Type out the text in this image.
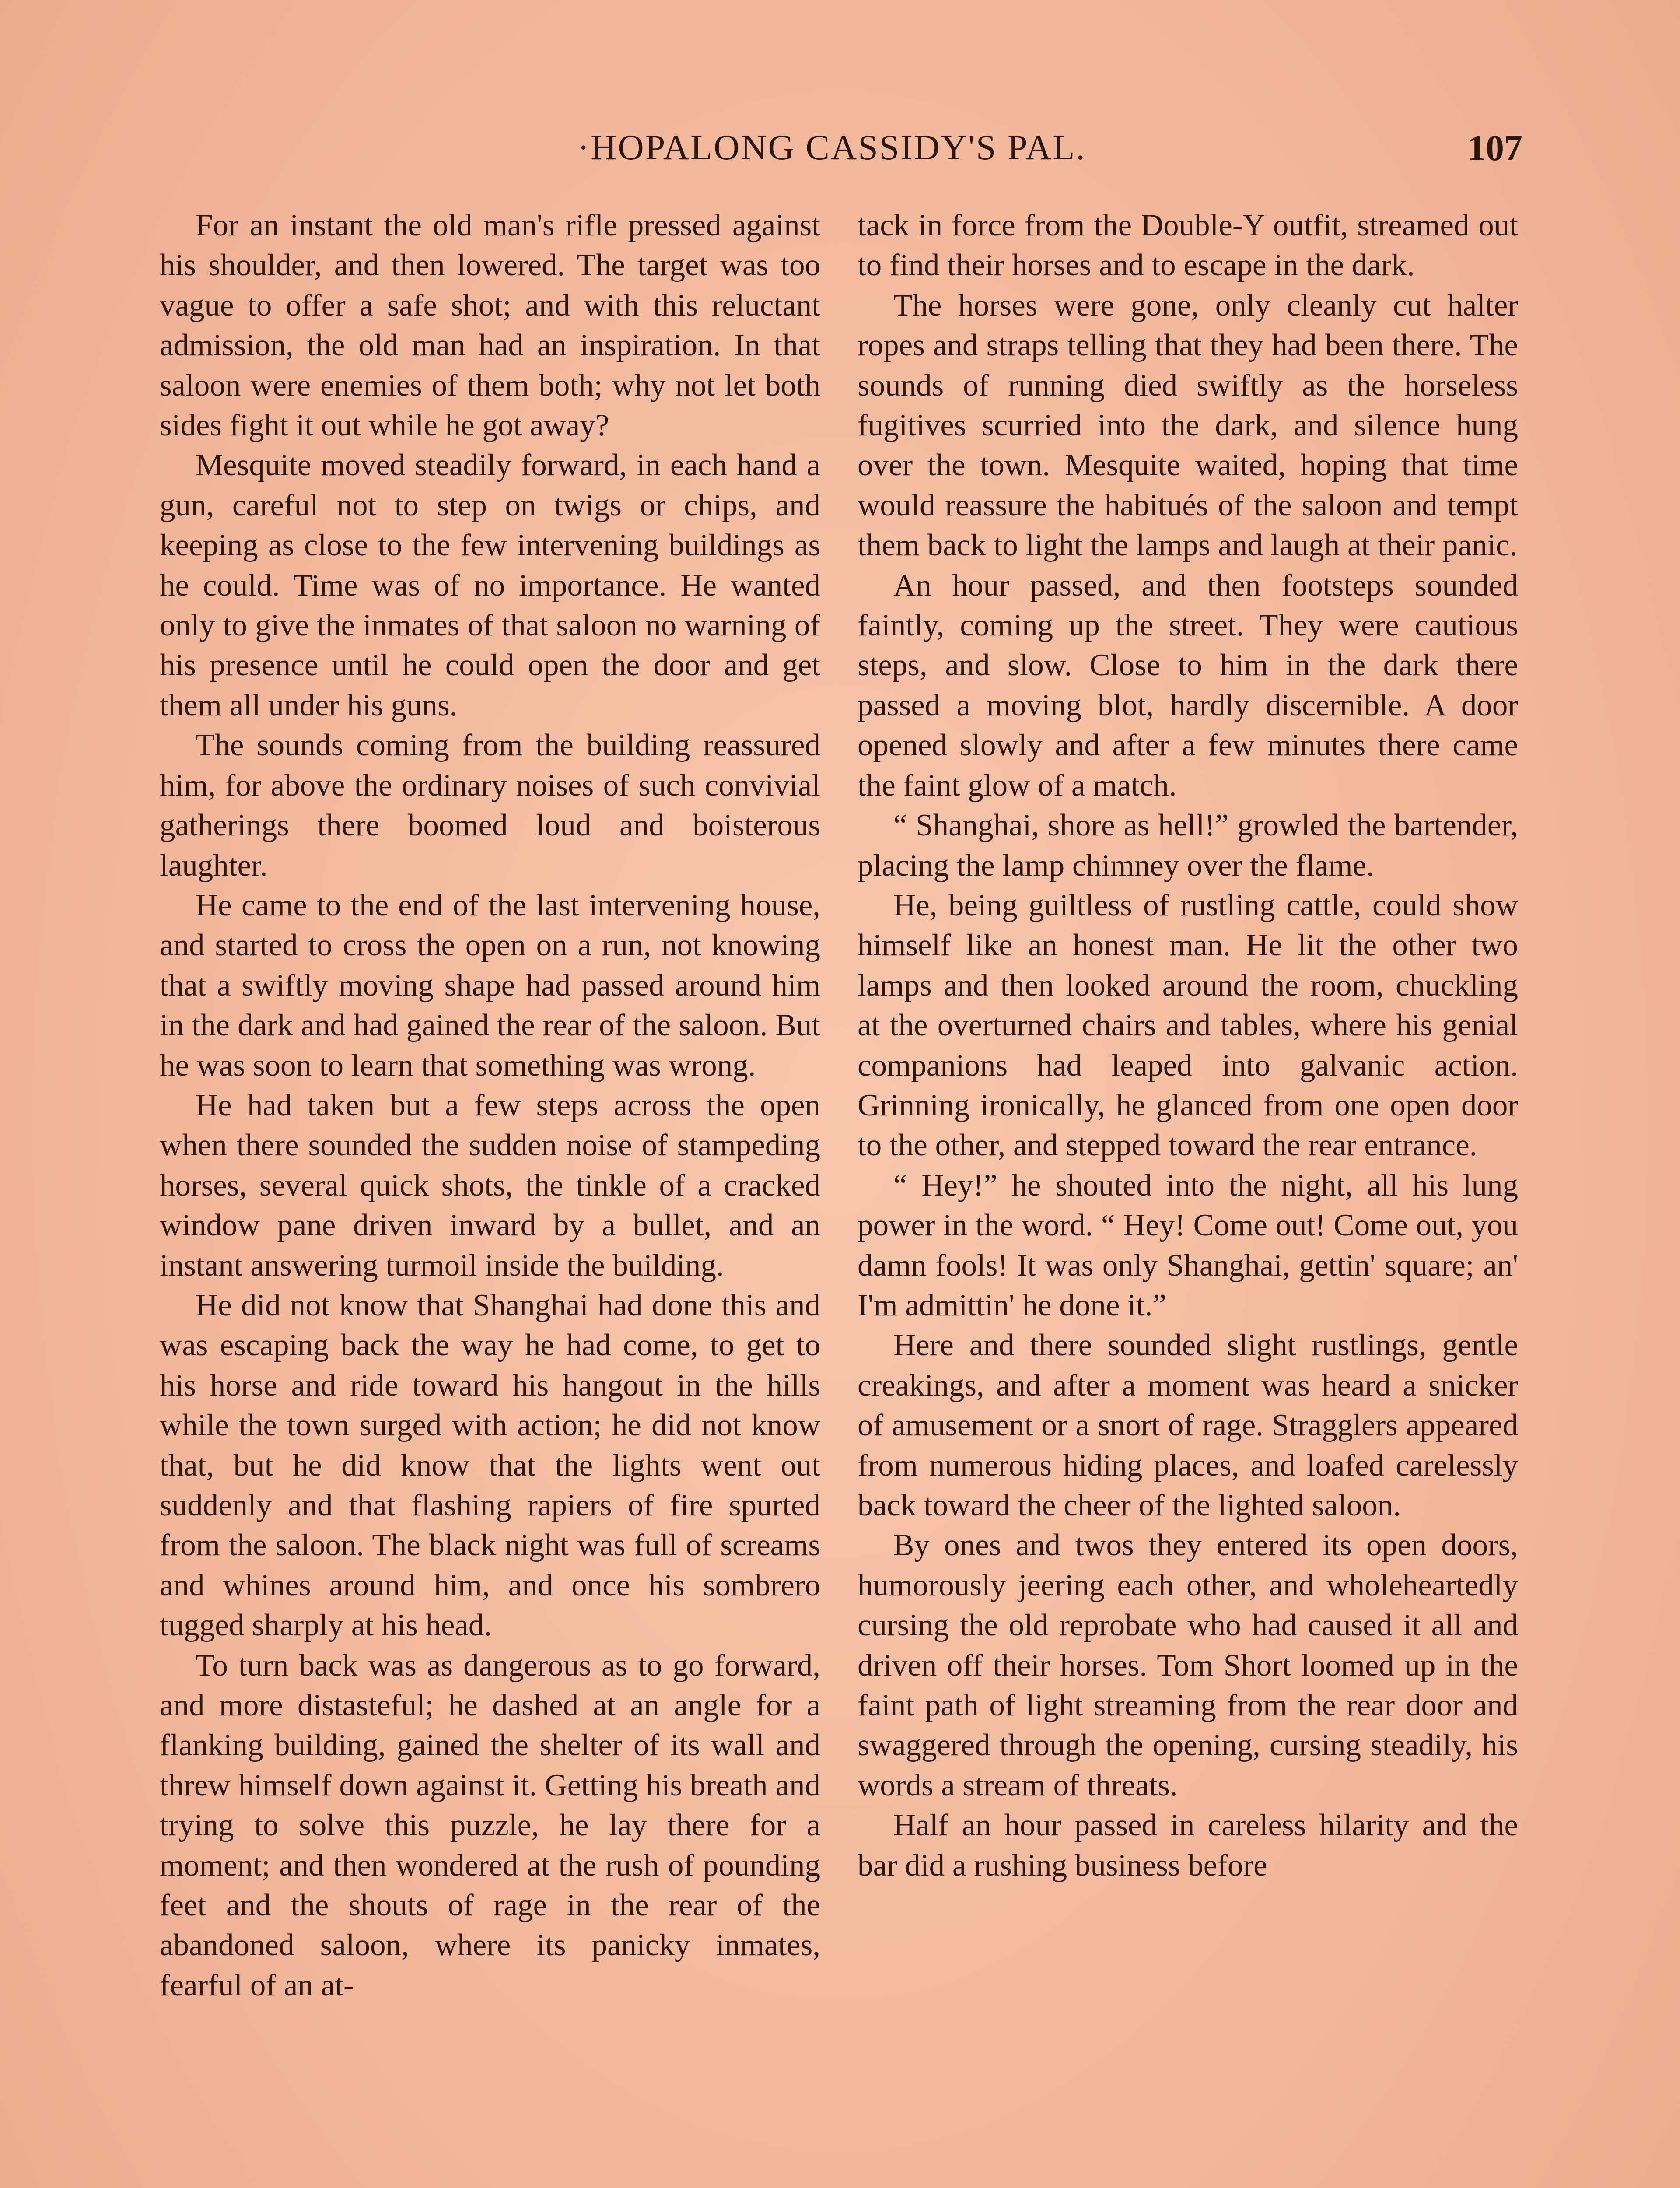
·HOPALONG CASSIDY'S PAL.	107

For an instant the old man's rifle pressed against his shoulder, and then lowered. The target was too vague to offer a safe shot; and with this reluctant admission, the old man had an inspiration. In that saloon were enemies of them both; why not let both sides fight it out while he got away?

Mesquite moved steadily forward, in each hand a gun, careful not to step on twigs or chips, and keeping as close to the few intervening buildings as he could. Time was of no importance. He wanted only to give the inmates of that saloon no warning of his presence until he could open the door and get them all under his guns.

The sounds coming from the building reassured him, for above the ordinary noises of such convivial gatherings there boomed loud and boisterous laughter.

He came to the end of the last intervening house, and started to cross the open on a run, not knowing that a swiftly moving shape had passed around him in the dark and had gained the rear of the saloon. But he was soon to learn that something was wrong.

He had taken but a few steps across the open when there sounded the sudden noise of stampeding horses, several quick shots, the tinkle of a cracked window pane driven inward by a bullet, and an instant answering turmoil inside the building.

He did not know that Shanghai had done this and was escaping back the way he had come, to get to his horse and ride toward his hangout in the hills while the town surged with action; he did not know that, but he did know that the lights went out suddenly and that flashing rapiers of fire spurted from the saloon. The black night was full of screams and whines around him, and once his sombrero tugged sharply at his head.

To turn back was as dangerous as to go forward, and more distasteful; he dashed at an angle for a flanking building, gained the shelter of its wall and threw himself down against it. Getting his breath and trying to solve this puzzle, he lay there for a moment; and then wondered at the rush of pounding feet and the shouts of rage in the rear of the abandoned saloon, where its panicky inmates, fearful of an at-

tack in force from the Double-Y outfit, streamed out to find their horses and to escape in the dark.

The horses were gone, only cleanly cut halter ropes and straps telling that they had been there. The sounds of running died swiftly as the horseless fugitives scurried into the dark, and silence hung over the town. Mesquite waited, hoping that time would reassure the habitués of the saloon and tempt them back to light the lamps and laugh at their panic.

An hour passed, and then footsteps sounded faintly, coming up the street. They were cautious steps, and slow. Close to him in the dark there passed a moving blot, hardly discernible. A door opened slowly and after a few minutes there came the faint glow of a match.

“ Shanghai, shore as hell!” growled the bartender, placing the lamp chimney over the flame.

He, being guiltless of rustling cattle, could show himself like an honest man. He lit the other two lamps and then looked around the room, chuckling at the overturned chairs and tables, where his genial companions had leaped into galvanic action. Grinning ironically, he glanced from one open door to the other, and stepped toward the rear entrance.

“ Hey!” he shouted into the night, all his lung power in the word. “ Hey! Come out! Come out, you damn fools! It was only Shanghai, gettin' square; an' I'm admittin' he done it.”

Here and there sounded slight rustlings, gentle creakings, and after a moment was heard a snicker of amusement or a snort of rage. Stragglers appeared from numerous hiding places, and loafed carelessly back toward the cheer of the lighted saloon.

By ones and twos they entered its open doors, humorously jeering each other, and wholeheartedly cursing the old reprobate who had caused it all and driven off their horses. Tom Short loomed up in the faint path of light streaming from the rear door and swaggered through the opening, cursing steadily, his words a stream of threats.

Half an hour passed in careless hilarity and the bar did a rushing business before
